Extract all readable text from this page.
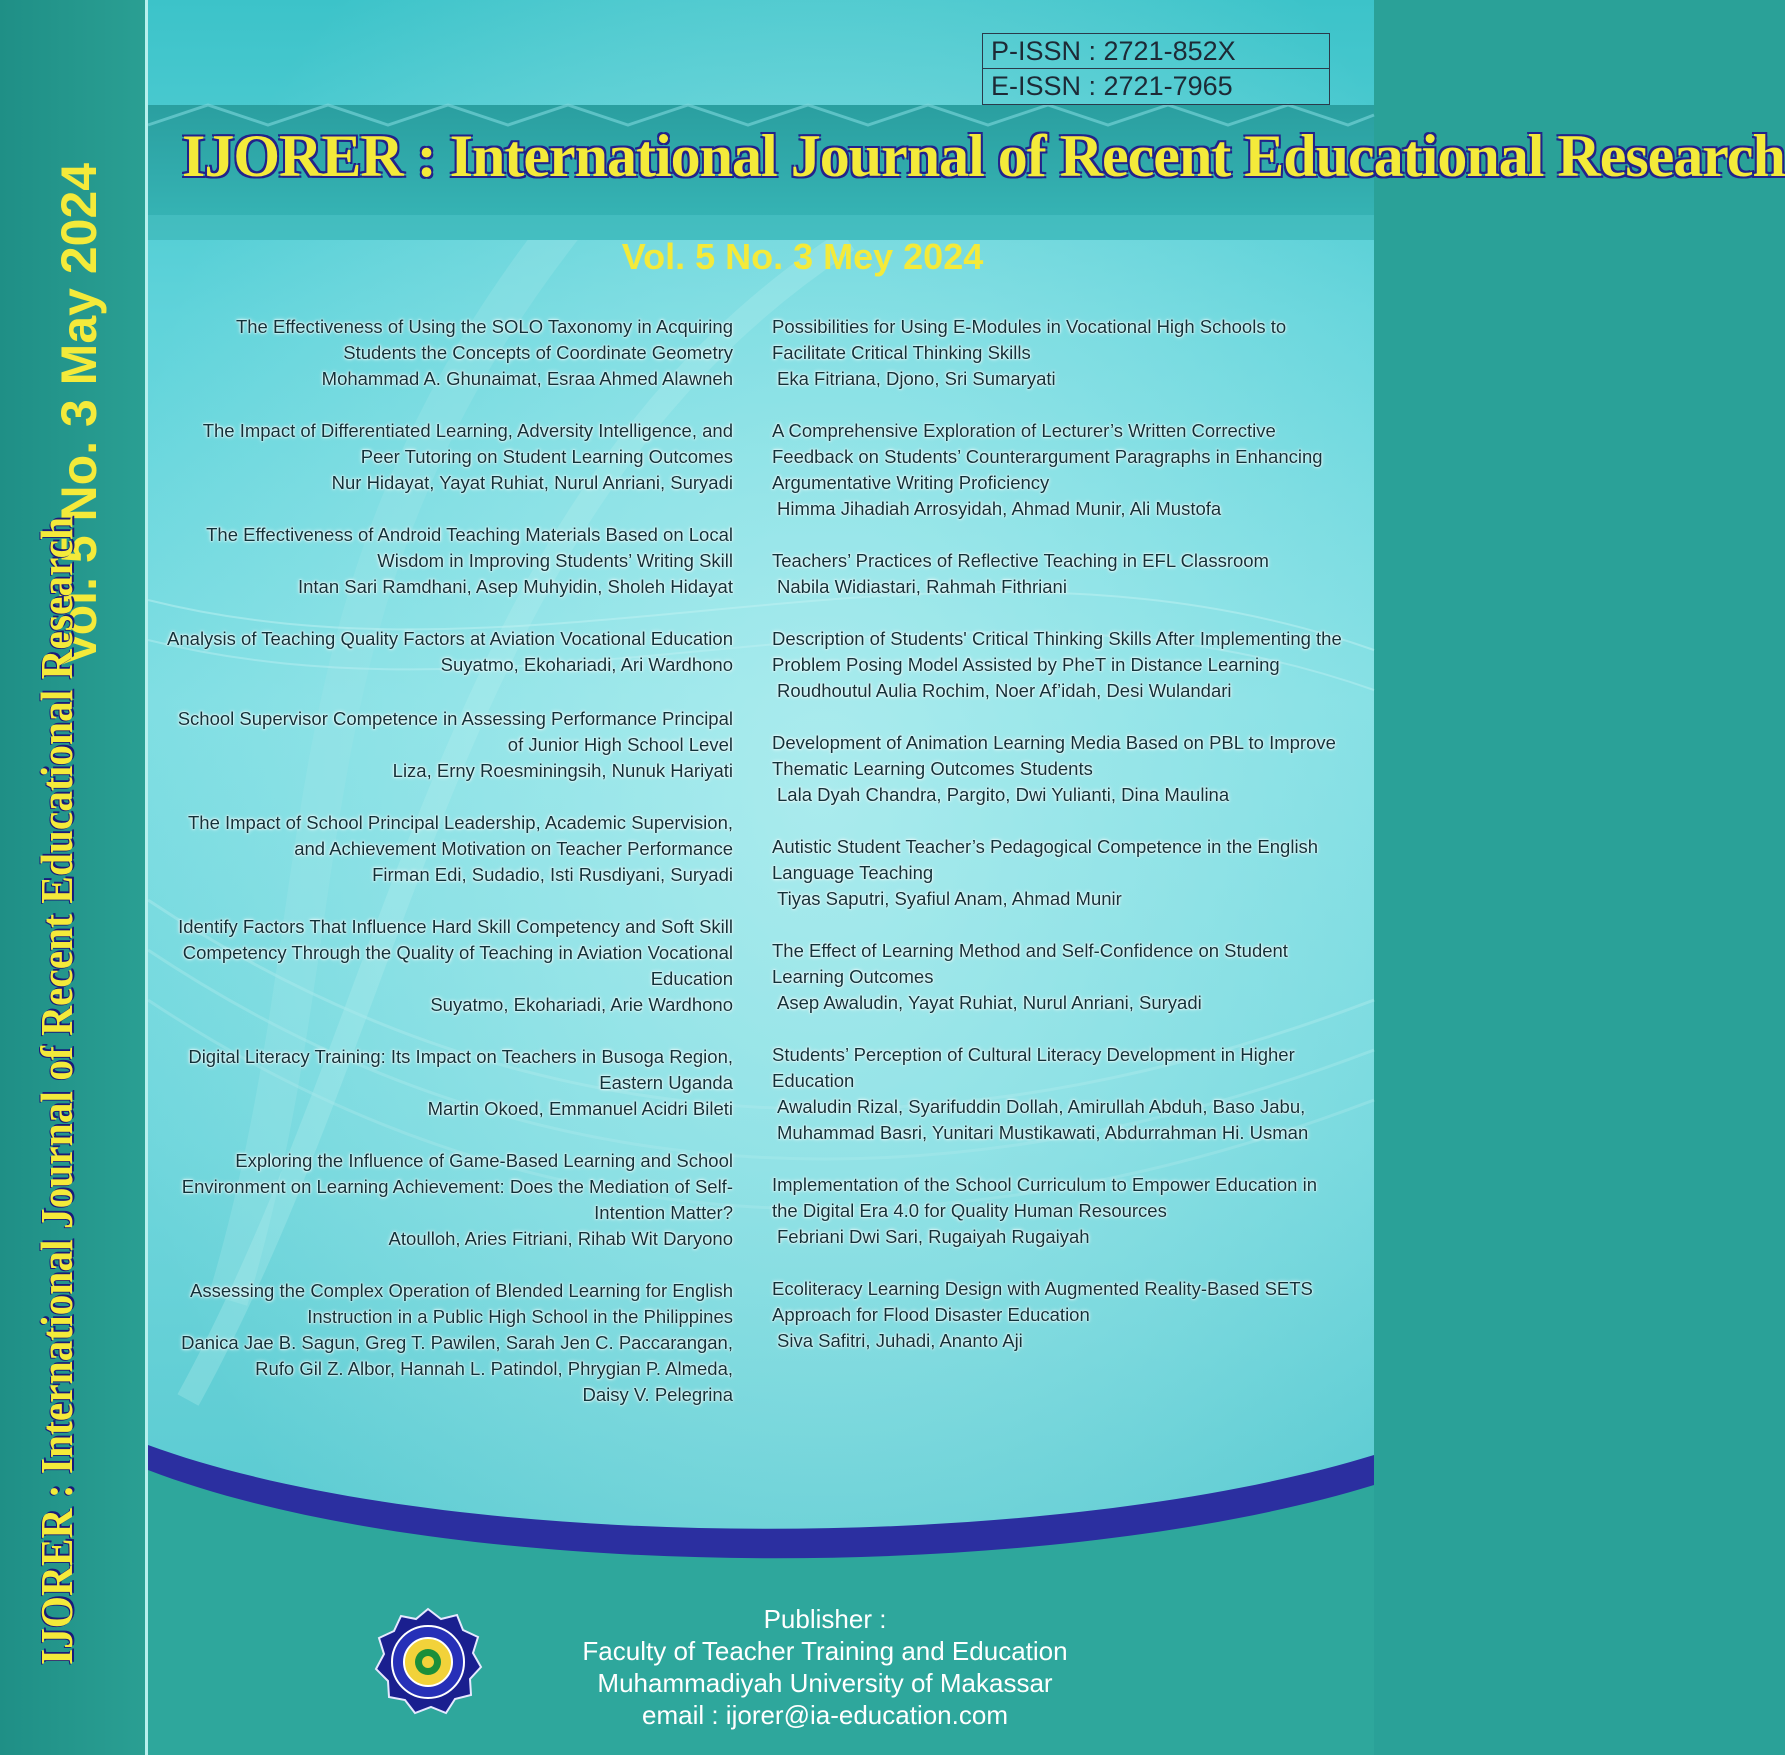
Vol. 5 No. 3 May 2024
IJORER : International Journal of Recent Educational Research
P-ISSN : 2721-852X
E-ISSN : 2721-7965
IJORER : International Journal of Recent Educational Research
Vol. 5 No. 3 Mey 2024
The Effectiveness of Using the SOLO Taxonomy in Acquiring
Students the Concepts of Coordinate Geometry
Mohammad A. Ghunaimat, Esraa Ahmed Alawneh
The Impact of Differentiated Learning, Adversity Intelligence, and
Peer Tutoring on Student Learning Outcomes
Nur Hidayat, Yayat Ruhiat, Nurul Anriani, Suryadi
The Effectiveness of Android Teaching Materials Based on Local
Wisdom in Improving Students’ Writing Skill
Intan Sari Ramdhani, Asep Muhyidin, Sholeh Hidayat
Analysis of Teaching Quality Factors at Aviation Vocational Education
Suyatmo, Ekohariadi, Ari Wardhono
School Supervisor Competence in Assessing Performance Principal
of Junior High School Level
Liza, Erny Roesminingsih, Nunuk Hariyati
The Impact of School Principal Leadership, Academic Supervision,
and Achievement Motivation on Teacher Performance
Firman Edi, Sudadio, Isti Rusdiyani, Suryadi
Identify Factors That Influence Hard Skill Competency and Soft Skill
Competency Through the Quality of Teaching in Aviation Vocational
Education
Suyatmo, Ekohariadi, Arie Wardhono
Digital Literacy Training: Its Impact on Teachers in Busoga Region,
Eastern Uganda
Martin Okoed, Emmanuel Acidri Bileti
Exploring the Influence of Game-Based Learning and School
Environment on Learning Achievement: Does the Mediation of Self-
Intention Matter?
Atoulloh, Aries Fitriani, Rihab Wit Daryono
Assessing the Complex Operation of Blended Learning for English
Instruction in a Public High School in the Philippines
Danica Jae B. Sagun, Greg T. Pawilen, Sarah Jen C. Paccarangan,
Rufo Gil Z. Albor, Hannah L. Patindol, Phrygian P. Almeda,
Daisy V. Pelegrina
Possibilities for Using E-Modules in Vocational High Schools to
Facilitate Critical Thinking Skills
Eka Fitriana, Djono, Sri Sumaryati
A Comprehensive Exploration of Lecturer’s Written Corrective
Feedback on Students’ Counterargument Paragraphs in Enhancing
Argumentative Writing Proficiency
Himma Jihadiah Arrosyidah, Ahmad Munir, Ali Mustofa
Teachers’ Practices of Reflective Teaching in EFL Classroom
Nabila Widiastari, Rahmah Fithriani
Description of Students' Critical Thinking Skills After Implementing the
Problem Posing Model Assisted by PheT in Distance Learning
Roudhoutul Aulia Rochim, Noer Af’idah, Desi Wulandari
Development of Animation Learning Media Based on PBL to Improve
Thematic Learning Outcomes Students
Lala Dyah Chandra, Pargito, Dwi Yulianti, Dina Maulina
Autistic Student Teacher’s Pedagogical Competence in the English
Language Teaching
Tiyas Saputri, Syafiul Anam, Ahmad Munir
The Effect of Learning Method and Self-Confidence on Student
Learning Outcomes
Asep Awaludin, Yayat Ruhiat, Nurul Anriani, Suryadi
Students’ Perception of Cultural Literacy Development in Higher
Education
Awaludin Rizal, Syarifuddin Dollah, Amirullah Abduh, Baso Jabu,
Muhammad Basri, Yunitari Mustikawati, Abdurrahman Hi. Usman
Implementation of the School Curriculum to Empower Education in
the Digital Era 4.0 for Quality Human Resources
Febriani Dwi Sari, Rugaiyah Rugaiyah
Ecoliteracy Learning Design with Augmented Reality-Based SETS
Approach for Flood Disaster Education
Siva Safitri, Juhadi, Ananto Aji
Publisher :
Faculty of Teacher Training and Education
Muhammadiyah University of Makassar
email : ijorer@ia-education.com
